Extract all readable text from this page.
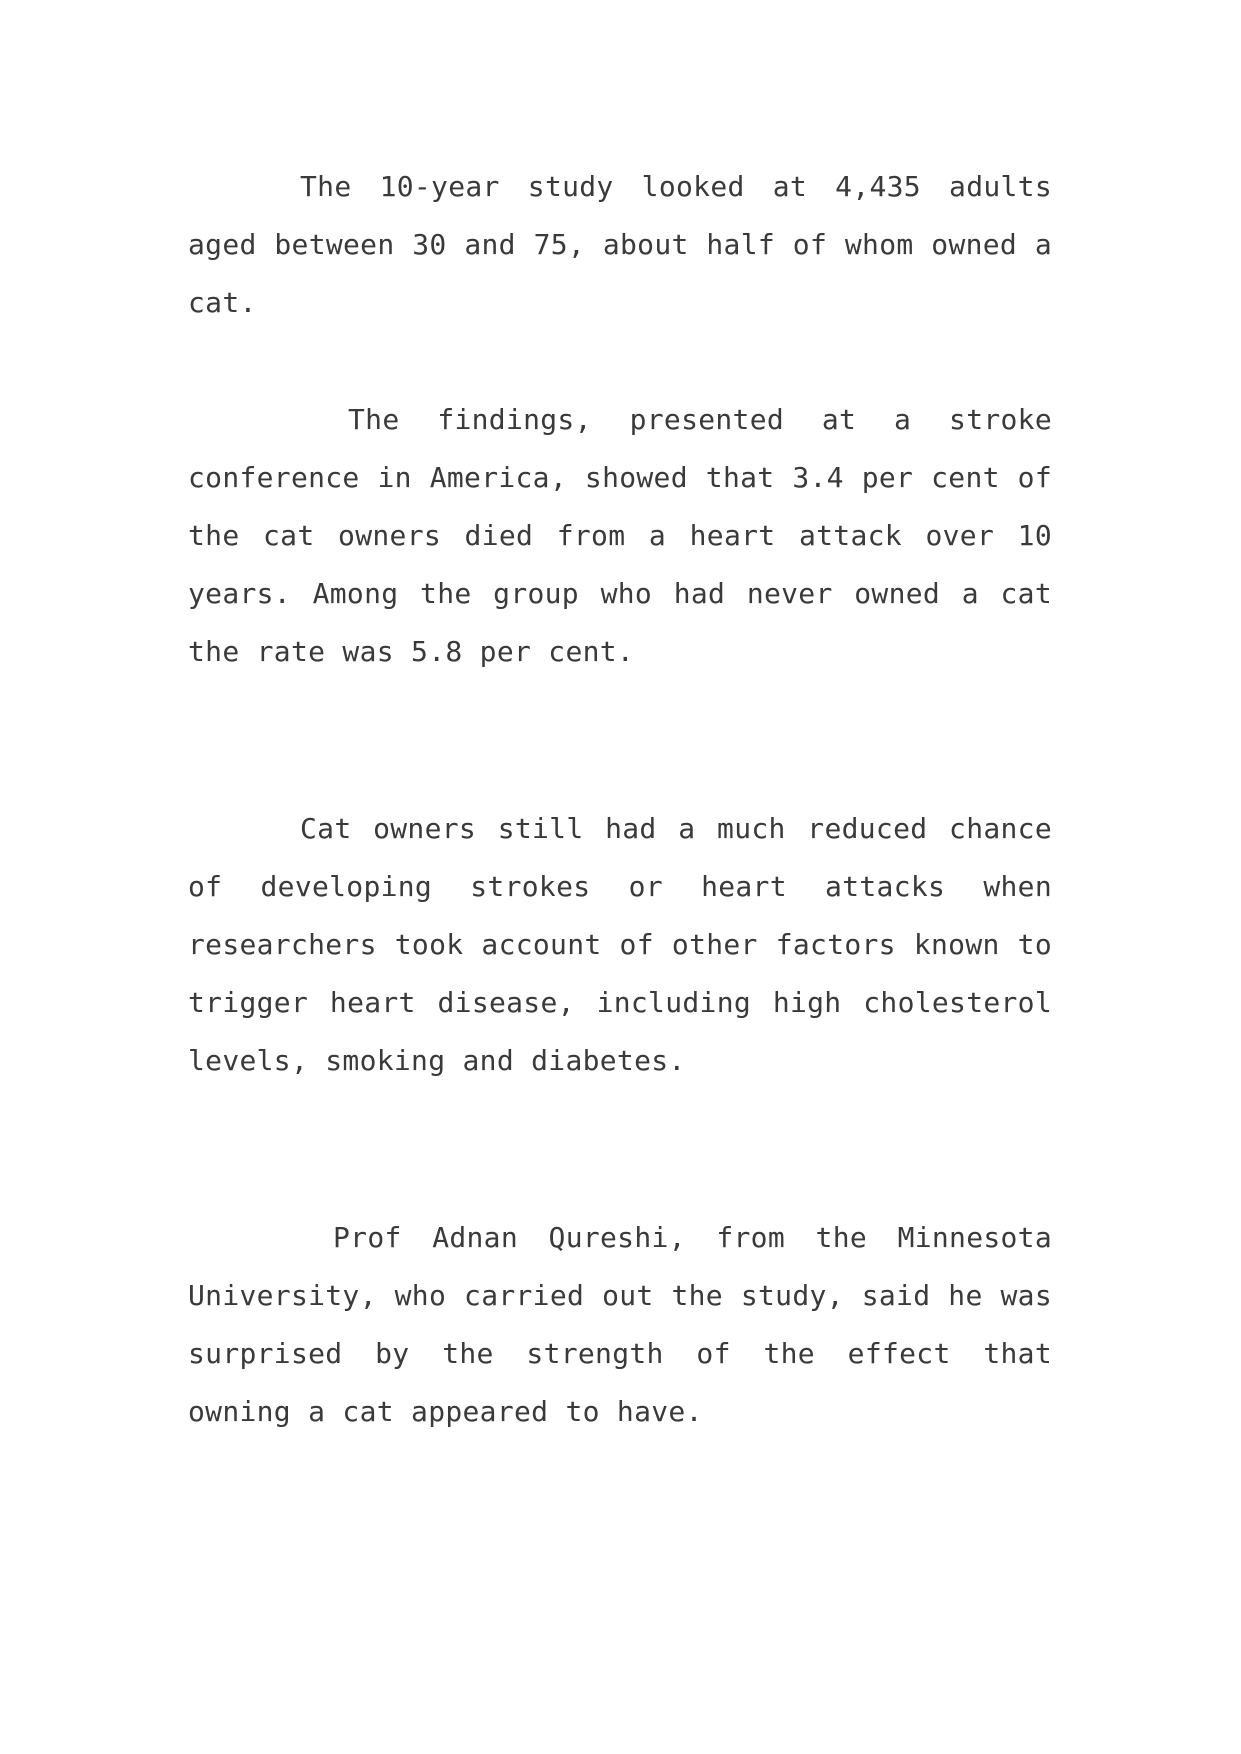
The 10-year study looked at 4,435 adults aged between 30 and 75, about half of whom owned a cat.

The findings, presented at a stroke conference in America, showed that 3.4 per cent of the cat owners died from a heart attack over 10 years. Among the group who had never owned a cat the rate was 5.8 per cent.

Cat owners still had a much reduced chance of developing strokes or heart attacks when researchers took account of other factors known to trigger heart disease, including high cholesterol levels, smoking and diabetes.

Prof Adnan Qureshi, from the Minnesota University, who carried out the study, said he was surprised by the strength of the effect that owning a cat appeared to have.
